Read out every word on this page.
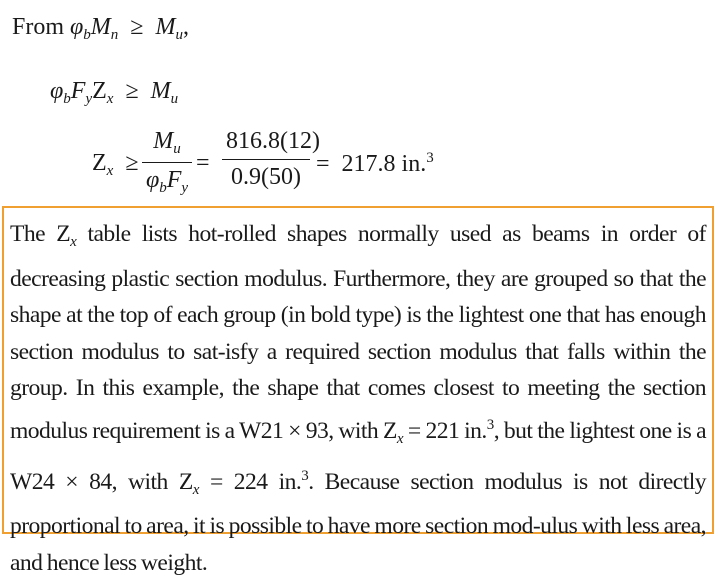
From $\varphi_bM_n \ge M_u$,
$\varphi_bF_yZ_x \ge M_u$
$Z_x$ ≥
$M_u$
$\varphi_bF_y$
= $\frac{816.8(12)}{0.9(50)} = 217.8$ in.$^3$

The $Z_x$ table lists hot-rolled shapes normally used as beams in order of decreasing plastic section modulus. Furthermore, they are grouped so that the shape at the top of each group (in bold type) is the lightest one that has enough section modulus to sat-isfy a required section modulus that falls within the group. In this example, the shape that comes closest to meeting the section modulus requirement is a W21 × 93, with $Z_x = 221$ in.$^3$, but the lightest one is a W24 × 84, with $Z_x = 224$ in.$^3$. Because section modulus is not directly proportional to area, it is possible to have more section mod-ulus with less area, and hence less weight.
